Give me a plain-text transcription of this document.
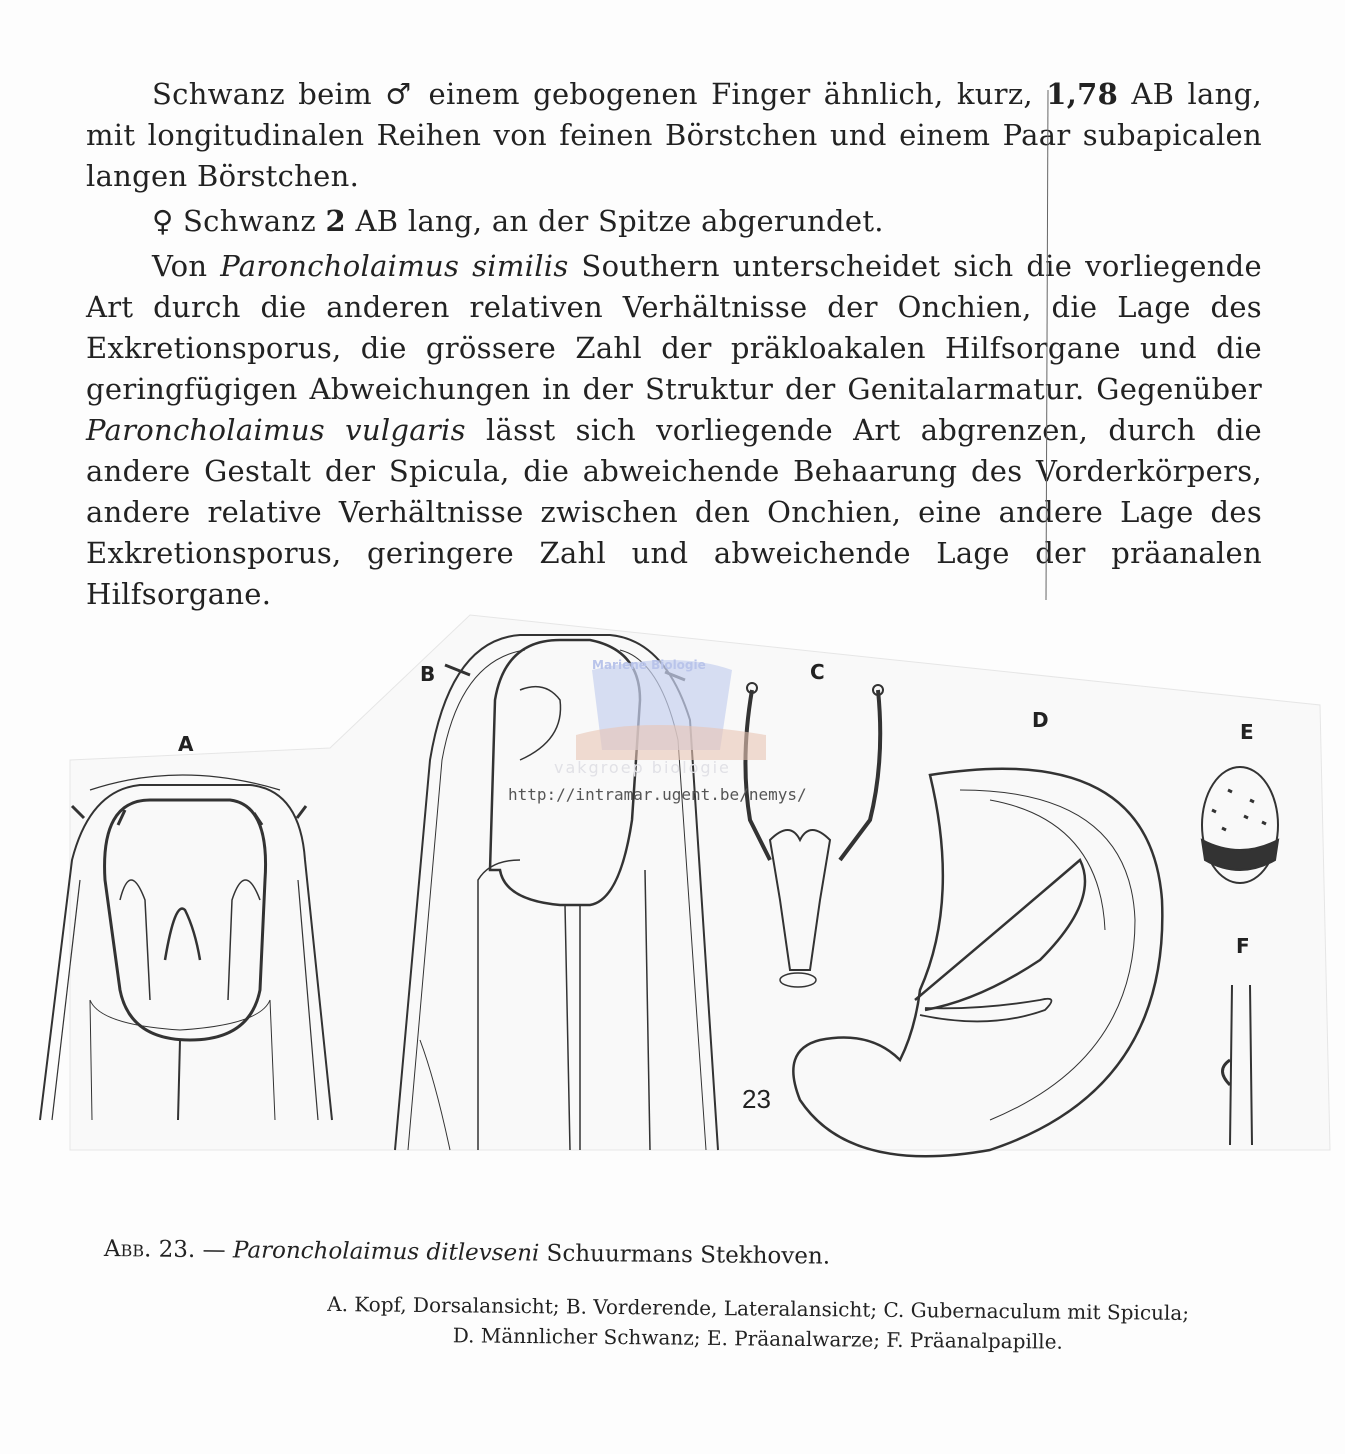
Schwanz beim ♂ einem gebogenen Finger ähnlich, kurz, 1,78 AB lang, mit longitudinalen Reihen von feinen Börstchen und einem Paar subapicalen langen Börstchen.

♀ Schwanz 2 AB lang, an der Spitze abgerundet.

Von Paroncholaimus similis Southern unterscheidet sich die vorliegende Art durch die anderen relativen Verhältnisse der Onchien, die Lage des Exkretionsporus, die grössere Zahl der präkloakalen Hilfsorgane und die geringfügigen Abweichungen in der Struktur der Genitalarmatur. Gegenüber Paroncholaimus vulgaris lässt sich vorliegende Art abgrenzen, durch die andere Gestalt der Spicula, die abweichende Behaarung des Vorderkörpers, andere relative Verhältnisse zwischen den Onchien, eine andere Lage des Exkretionsporus, geringere Zahl und abweichende Lage der präanalen Hilfsorgane.

A
B	C
D	E
F
23
Mariene Biologie
vakgroep biologie
http://intramar.ugent.be/nemys/
Abb. 23. — Paroncholaimus ditlevseni Schuurmans Stekhoven.
A. Kopf, Dorsalansicht; B. Vorderende, Lateralansicht; C. Gubernaculum mit Spicula;
D. Männlicher Schwanz; E. Präanalwarze; F. Präanalpapille.
